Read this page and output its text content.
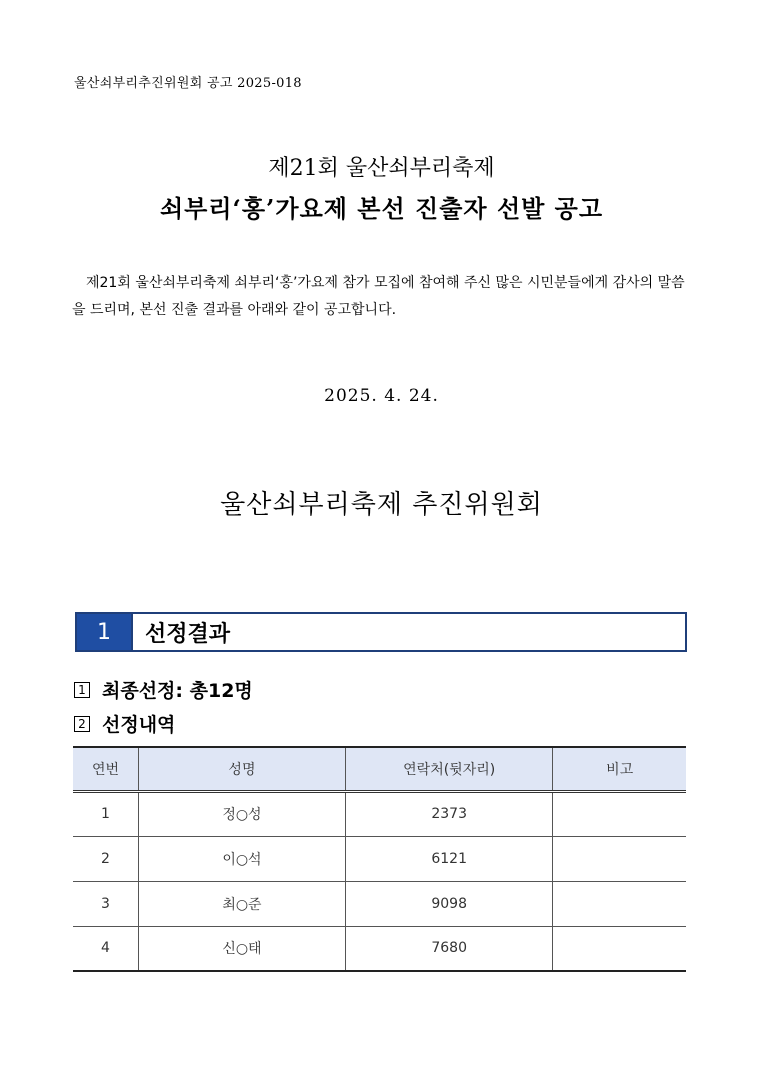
울산쇠부리추진위원회 공고 2025-018
제21회 울산쇠부리축제
쇠부리‘홍’가요제 본선 진출자 선발 공고
제21회 울산쇠부리축제 쇠부리‘홍’가요제 참가 모집에 참여해 주신 많은 시민분들에게 감사의 말씀을 드리며, 본선 진출 결과를 아래와 같이 공고합니다.
2025. 4. 24.
울산쇠부리축제 추진위원회
1	선정결과
1 최종선정: 총12명
2 선정내역
연번	성명	연락처(뒷자리)	비고
1	정○성	2373	
2	이○석	6121	
3	최○준	9098	
4	신○태	7680	
